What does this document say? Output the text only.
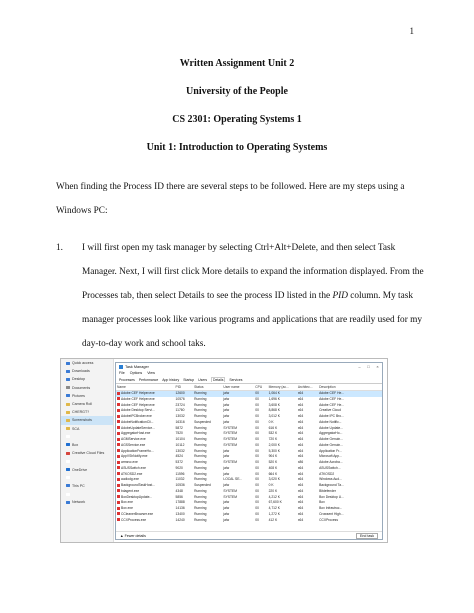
1
Written Assignment Unit 2
University of the People
CS 2301: Operating Systems 1
Unit 1: Introduction to Operating Systems
When finding the Process ID there are several steps to be followed. Here are my steps using a Windows PC:
1. I will first open my task manager by selecting Ctrl+Alt+Delete, and then select Task Manager. Next, I will first click More details to expand the information displayed. From the Processes tab, then select Details to see the process ID listed in the PID column. My task manager processes look like various programs and applications that are readily used for my day-to-day work and school taks.
Quick access
Downloads
Desktop
Documents
Pictures
Camera Roll
CHERGT?
Screenshots
SCA
Box
Creative Cloud Files
OneDrive
This PC
Network
Task Manager	–	□	×
File Options View
Processes Performance App history Startup Users	Details	Services
Name	PID	Status	User name	CPU	Memory (ac...	Architec...	Description
Adobe CEF Helper.exe	12600	Running	jalw	00	1,064 K	x64	Adobe CEF He...
Adobe CEF Helper.exe	10576	Running	jalw	00	1,696 K	x64	Adobe CEF He...
Adobe CEF Helper.exe	23724	Running	jalw	00	3,608 K	x64	Adobe CEF He...
Adobe Desktop Servi...	11760	Running	jalw	00	8,868 K	x64	Creative Cloud
AdobeIPCBroker.exe	13032	Running	jalw	00	3,012 K	x64	Adobe IPC Bro...
AdobeNotificationCli...	16316	Suspended	jalw	00	0 K	x64	Adobe Notific...
AdobeUpdateService...	5872	Running	SYSTEM	00	616 K	x64	Adobe Update...
AggregatorHost.exe	7520	Running	SYSTEM	00	532 K	x64	AggregatorHo...
AGMService.exe	10104	Running	SYSTEM	00	720 K	x64	Adobe Genuin...
AGSService.exe	10112	Running	SYSTEM	00	2,000 K	x64	Adobe Genuin...
ApplicationFrameHo...	13032	Running	jalw	00	5,300 K	x64	Application Fr...
AppVShNotify.exe	4524	Running	jalw	00	904 K	x64	Microsoft App...
armsvc.exe	5372	Running	SYSTEM	00	520 K	x86	Adobe Acroba...
ASUSSwitch.exe	9020	Running	jalw	00	408 K	x64	ASUSSwitch...
ATKOSD2.exe	11596	Running	jalw	00	664 K	x64	ATKOSD2
audiodg.exe	11032	Running	LOCAL SE...	00	3,020 K	x64	Windows Aud...
BackgroundTaskHost...	10536	Suspended	jalw	00	0 K	x64	Background Ta...
bdagent.exe	4348	Running	SYSTEM	00	220 K	x64	Bitdefender
BoxDesktopUpdate...	5856	Running	SYSTEM	00	4,212 K	x64	Box Desktop U...
Box.exe	17888	Running	jalw	00	67,600 K	x64	Box
Box.exe	14136	Running	jalw	00	4,712 K	x64	Box Infrastruc...
CCleanerBrowser.exe	13400	Running	jalw	00	1,272 K	x64	Crowsent High...
CCXProcess.exe	14240	Running	jalw	00	412 K	x64	CCXProcess
▲ Fewer details	End task
